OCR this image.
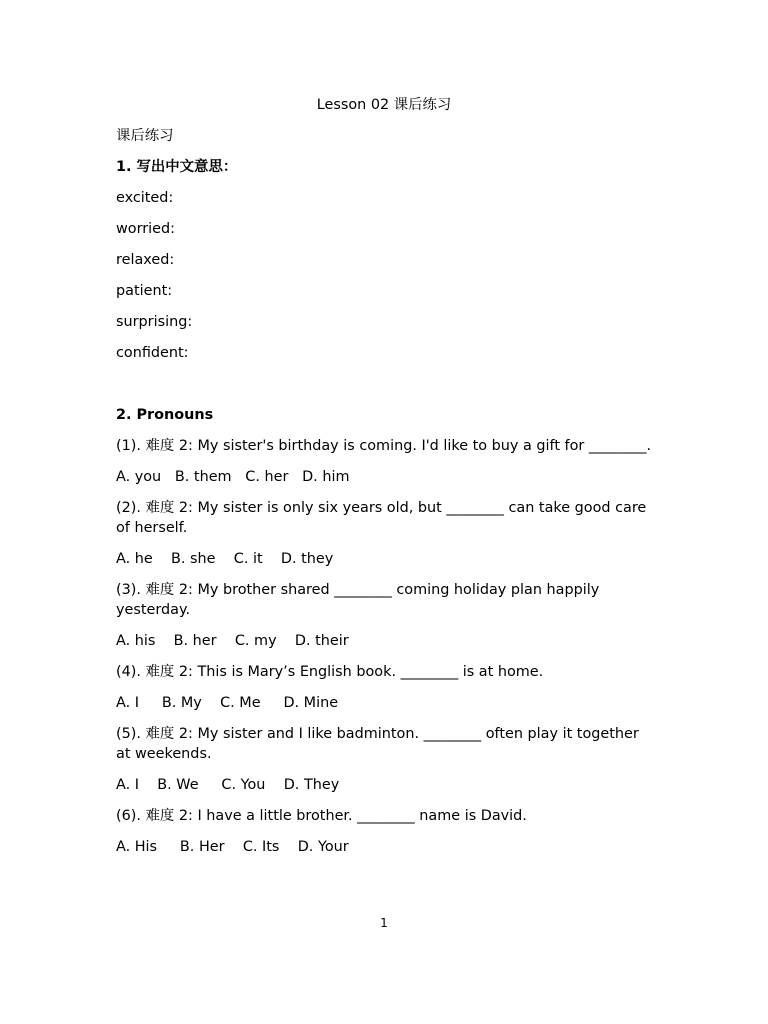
Lesson 02 课后练习
课后练习
1. 写出中文意思：
excited:
worried:
relaxed:
patient:
surprising:
confident:
2. Pronouns
(1). 难度 2: My sister's birthday is coming. I'd like to buy a gift for ________.
A. you   B. them   C. her   D. him
(2). 难度 2: My sister is only six years old, but ________ can take good care of herself.
A. he    B. she    C. it    D. they
(3). 难度 2: My brother shared ________ coming holiday plan happily yesterday.
A. his    B. her    C. my    D. their
(4). 难度 2: This is Mary’s English book. ________ is at home.
A. I     B. My    C. Me     D. Mine
(5). 难度 2: My sister and I like badminton. ________ often play it together at weekends.
A. I    B. We     C. You    D. They
(6). 难度 2: I have a little brother. ________ name is David.
A. His     B. Her    C. Its    D. Your
1
